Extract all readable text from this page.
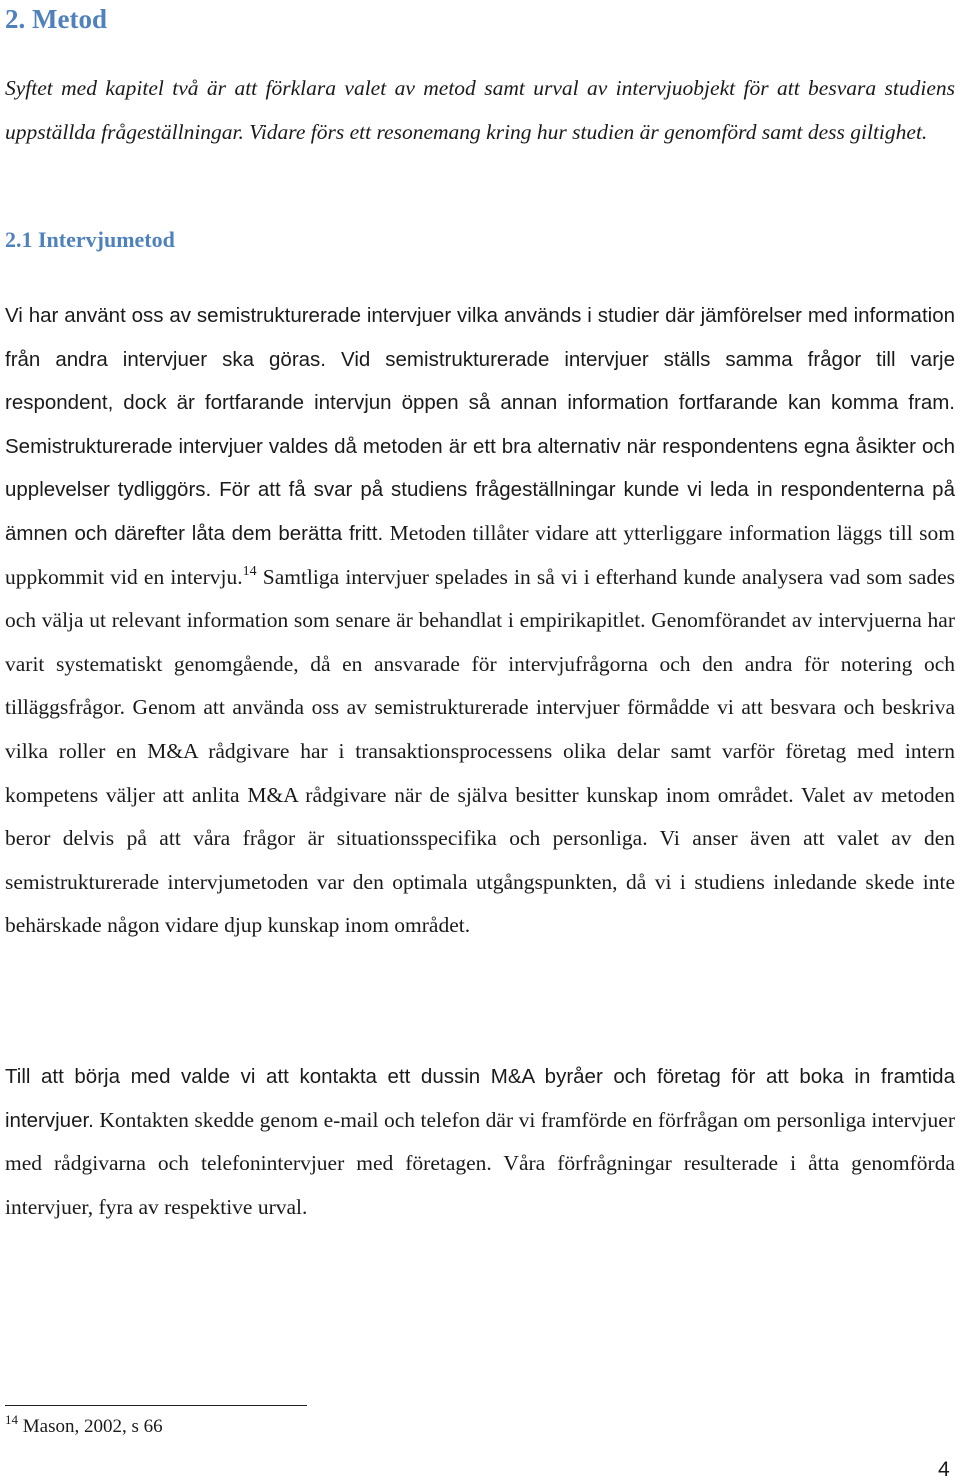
2. Metod

Syftet med kapitel två är att förklara valet av metod samt urval av intervjuobjekt för att besvara studiens uppställda frågeställningar. Vidare förs ett resonemang kring hur studien är genomförd samt dess giltighet.

2.1 Intervjumetod

Vi har använt oss av semistrukturerade intervjuer vilka används i studier där jämförelser med information från andra intervjuer ska göras. Vid semistrukturerade intervjuer ställs samma frågor till varje respondent, dock är fortfarande intervjun öppen så annan information fortfarande kan komma fram. Semistrukturerade intervjuer valdes då metoden är ett bra alternativ när respondentens egna åsikter och upplevelser tydliggörs. För att få svar på studiens frågeställningar kunde vi leda in respondenterna på ämnen och därefter låta dem berätta fritt. Metoden tillåter vidare att ytterliggare information läggs till som uppkommit vid en intervju.$^{14}$ Samtliga intervjuer spelades in så vi i efterhand kunde analysera vad som sades och välja ut relevant information som senare är behandlat i empirikapitlet. Genomförandet av intervjuerna har varit systematiskt genomgående, då en ansvarade för intervjufrågorna och den andra för notering och tilläggsfrågor. Genom att använda oss av semistrukturerade intervjuer förmådde vi att besvara och beskriva vilka roller en M&A rådgivare har i transaktionsprocessens olika delar samt varför företag med intern kompetens väljer att anlita M&A rådgivare när de själva besitter kunskap inom området. Valet av metoden beror delvis på att våra frågor är situationsspecifika och personliga. Vi anser även att valet av den semistrukturerade intervjumetoden var den optimala utgångspunkten, då vi i studiens inledande skede inte behärskade någon vidare djup kunskap inom området.

Till att börja med valde vi att kontakta ett dussin M&A byråer och företag för att boka in framtida intervjuer. Kontakten skedde genom e-mail och telefon där vi framförde en förfrågan om personliga intervjuer med rådgivarna och telefonintervjuer med företagen. Våra förfrågningar resulterade i åtta genomförda intervjuer, fyra av respektive urval.

$^{14}$ Mason, 2002, s 66

4
